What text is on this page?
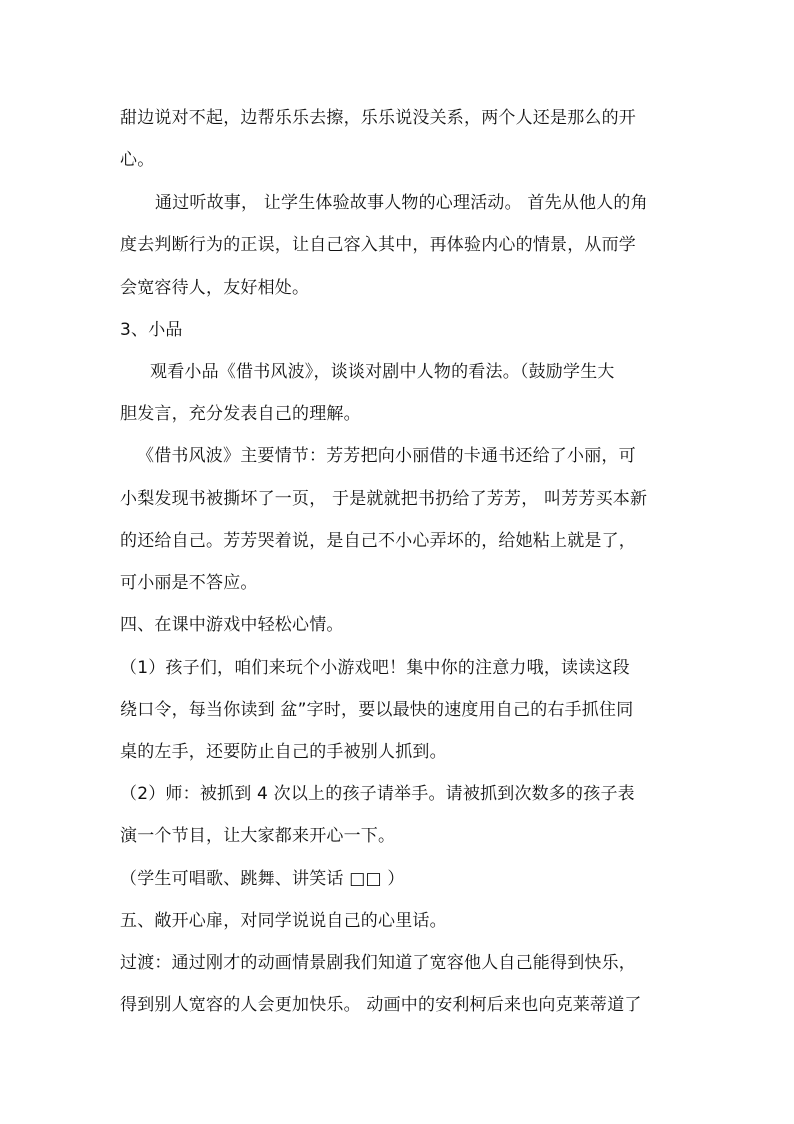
甜边说对不起，边帮乐乐去擦，乐乐说没关系，两个人还是那么的开
心。
通过听故事， 让学生体验故事人物的心理活动。 首先从他人的角
度去判断行为的正误，让自己容入其中，再体验内心的情景，从而学
会宽容待人，友好相处。
3、小品
观看小品《借书风波》，谈谈对剧中人物的看法。（鼓励学生大
胆发言，充分发表自己的理解。
《借书风波》主要情节：芳芳把向小丽借的卡通书还给了小丽，可
小梨发现书被撕坏了一页， 于是就就把书扔给了芳芳， 叫芳芳买本新
的还给自己。芳芳哭着说，是自己不小心弄坏的，给她粘上就是了，
可小丽是不答应。
四、在课中游戏中轻松心情。
（1）孩子们，咱们来玩个小游戏吧！集中你的注意力哦，读读这段
绕口令，每当你读到 盆”字时，要以最快的速度用自己的右手抓住同
桌的左手，还要防止自己的手被别人抓到。
（2）师：被抓到 4 次以上的孩子请举手。请被抓到次数多的孩子表
演一个节目，让大家都来开心一下。
（学生可唱歌、跳舞、讲笑话 □□ ）
五、敞开心扉，对同学说说自己的心里话。
过渡：通过刚才的动画情景剧我们知道了宽容他人自己能得到快乐，
得到别人宽容的人会更加快乐。 动画中的安利柯后来也向克莱蒂道了
